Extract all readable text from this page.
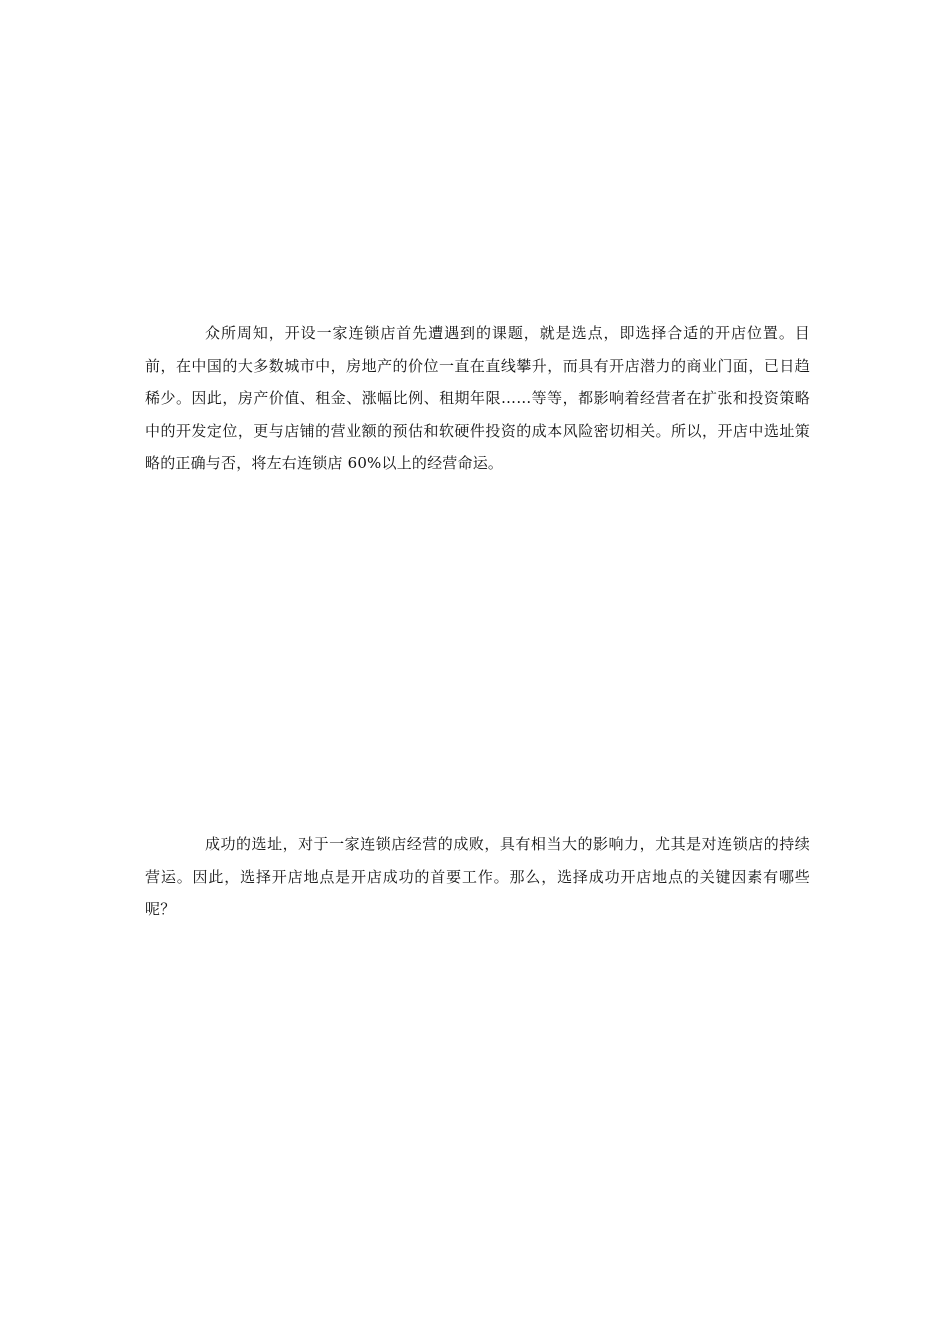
众所周知，开设一家连锁店首先遭遇到的课题，就是选点，即选择合适的开店位置。目前，在中国的大多数城市中，房地产的价位一直在直线攀升，而具有开店潜力的商业门面，已日趋稀少。因此，房产价值、租金、涨幅比例、租期年限……等等，都影响着经营者在扩张和投资策略中的开发定位，更与店铺的营业额的预估和软硬件投资的成本风险密切相关。所以，开店中选址策略的正确与否，将左右连锁店 60%以上的经营命运。

成功的选址，对于一家连锁店经营的成败，具有相当大的影响力，尤其是对连锁店的持续营运。因此，选择开店地点是开店成功的首要工作。那么，选择成功开店地点的关键因素有哪些呢？
